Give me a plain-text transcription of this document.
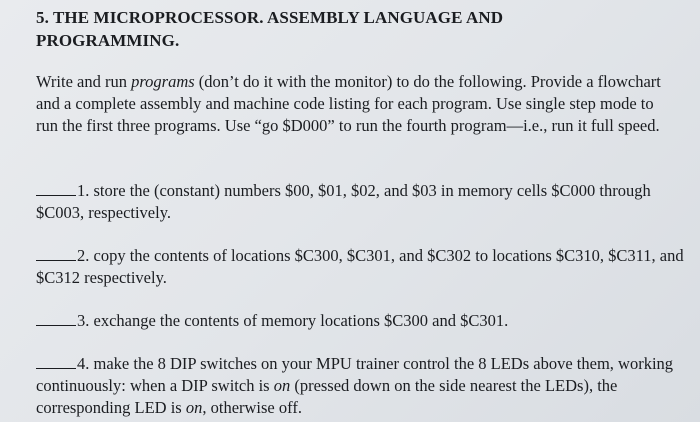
5. THE MICROPROCESSOR. ASSEMBLY LANGUAGE AND
PROGRAMMING.
Write and run programs (don’t do it with the monitor) to do the following. Provide a flowchart and a complete assembly and machine code listing for each program. Use single step mode to run the first three programs. Use “go $D000” to run the fourth program—i.e., run it full speed.
1. store the (constant) numbers $00, $01, $02, and $03 in memory cells $C000 through $C003, respectively.
2. copy the contents of locations $C300, $C301, and $C302 to locations $C310, $C311, and $C312 respectively.
3. exchange the contents of memory locations $C300 and $C301.
4. make the 8 DIP switches on your MPU trainer control the 8 LEDs above them, working continuously: when a DIP switch is on (pressed down on the side nearest the LEDs), the corresponding LED is on, otherwise off.
